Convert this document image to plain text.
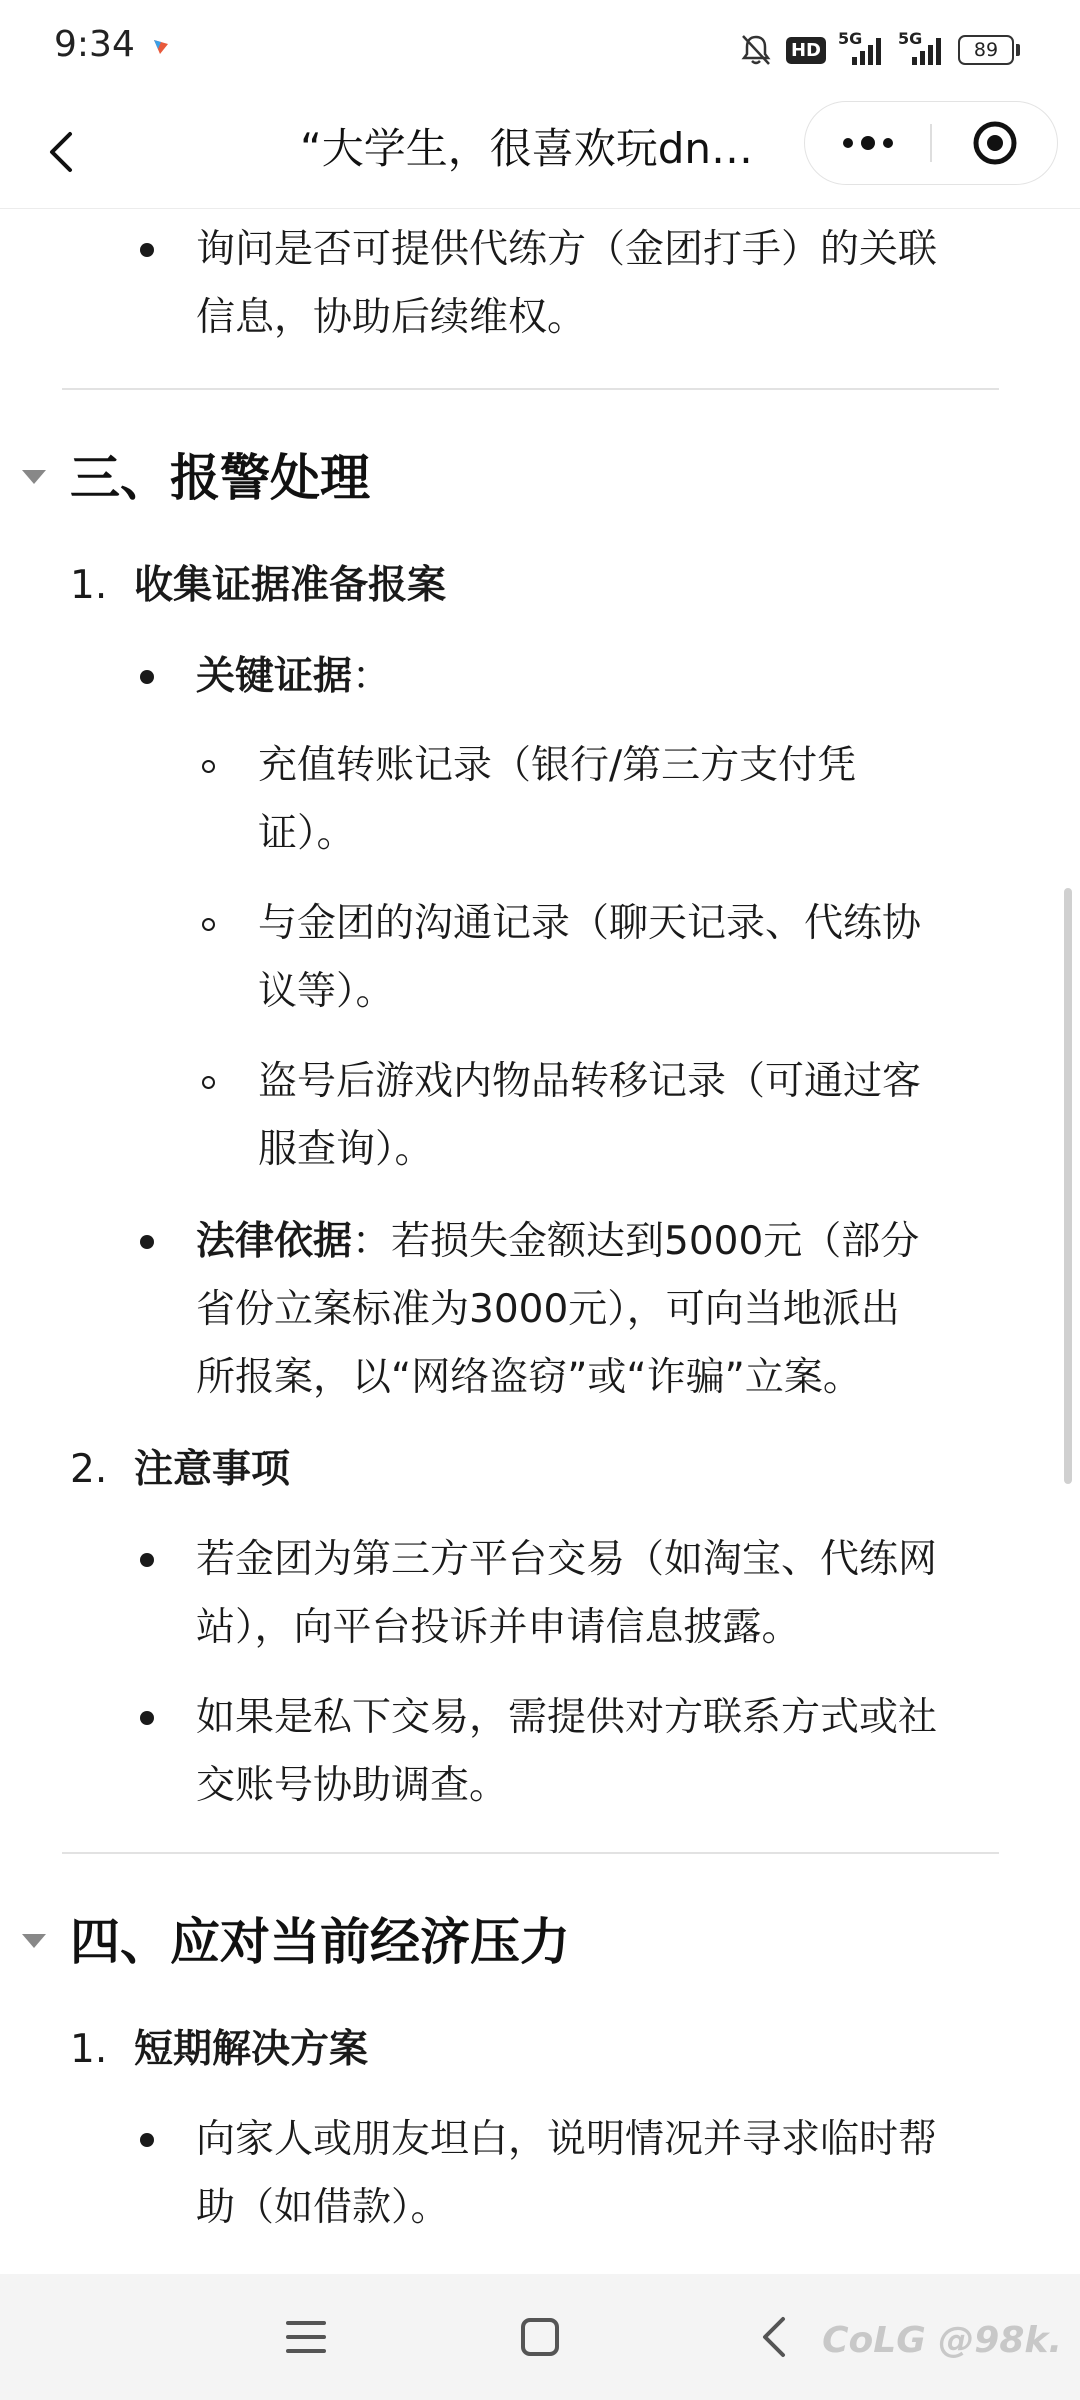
9:34	HD
5G 5G
89
“大学生，很喜欢玩dn…

询问是否可提供代练方（金团打手）的关联

信息，协助后续维权。

三、报警处理
1. 收集证据准备报案

关键证据：

充值转账记录（银行/第三方支付凭

证）。

与金团的沟通记录（聊天记录、代练协

议等）。

盗号后游戏内物品转移记录（可通过客

服查询）。

法律依据：若损失金额达到5000元（部分

省份立案标准为3000元），可向当地派出

所报案，以“网络盗窃”或“诈骗”立案。

2. 注意事项

若金团为第三方平台交易（如淘宝、代练网

站），向平台投诉并申请信息披露。

如果是私下交易，需提供对方联系方式或社

交账号协助调查。

四、应对当前经济压力
1. 短期解决方案

向家人或朋友坦白，说明情况并寻求临时帮

助（如借款）。

CoLG @98k.
